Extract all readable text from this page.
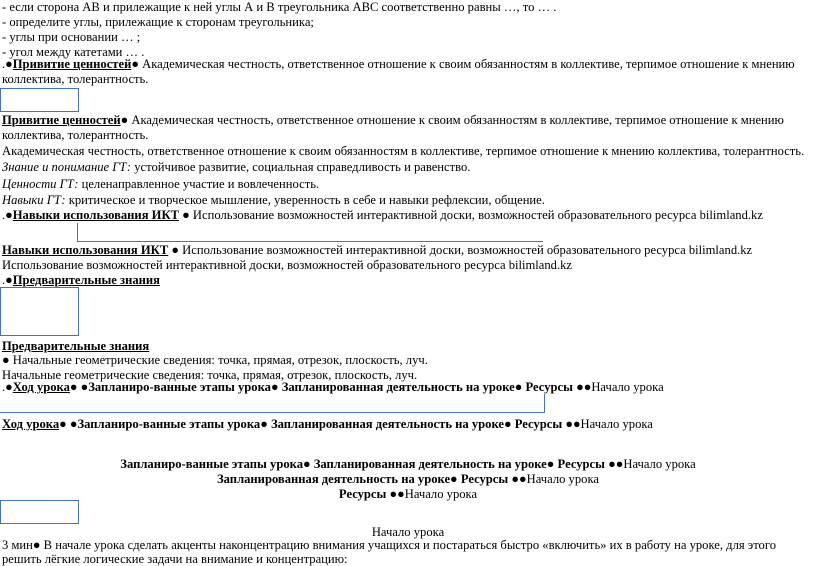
- если сторона АВ и прилежащие к ней углы А и В треугольника АВС соответственно равны …, то … .
- определите углы, прилежащие к сторонам треугольника;
- углы при основании … ;
- угол между катетами … .
.●Привитие ценностей● Академическая честность, ответственное отношение к своим обязанностям в коллективе, терпимое отношение к мнению коллектива, толерантность.
Привитие ценностей● Академическая честность, ответственное отношение к своим обязанностям в коллективе, терпимое отношение к мнению коллектива, толерантность.
Академическая честность, ответственное отношение к своим обязанностям в коллективе, терпимое отношение к мнению коллектива, толерантность.
Знание и понимание ГТ: устойчивое развитие, социальная справедливость и равенство.
Ценности ГТ: целенаправленное участие и вовлеченность.
Навыки ГТ: критическое и творческое мышление, уверенность в себе и навыки рефлексии, общение.
.●Навыки использования ИКТ ● Использование возможностей интерактивной доски, возможностей образовательного ресурса bilimland.kz
Навыки использования ИКТ ● Использование возможностей интерактивной доски, возможностей образовательного ресурса bilimland.kz
Использование возможностей интерактивной доски, возможностей образовательного ресурса bilimland.kz
.●Предварительные знания
Предварительные знания
● Начальные геометрические сведения: точка, прямая, отрезок, плоскость, луч.
Начальные геометрические сведения: точка, прямая, отрезок, плоскость, луч.
.●Ход урока● ●Запланиро-ванные этапы урока● Запланированная деятельность на уроке● Ресурсы ●●Начало урока
Ход урока● ●Запланиро-ванные этапы урока● Запланированная деятельность на уроке● Ресурсы ●●Начало урока
Запланиро-ванные этапы урока● Запланированная деятельность на уроке● Ресурсы ●●Начало урока
Запланированная деятельность на уроке● Ресурсы ●●Начало урока
Ресурсы ●●Начало урока
Начало урока
3 мин● В начале урока сделать акценты наконцентрацию внимания учащихся и постараться быстро «включить» их в работу на уроке, для этого решить лёгкие логические задачи на внимание и концентрацию:
